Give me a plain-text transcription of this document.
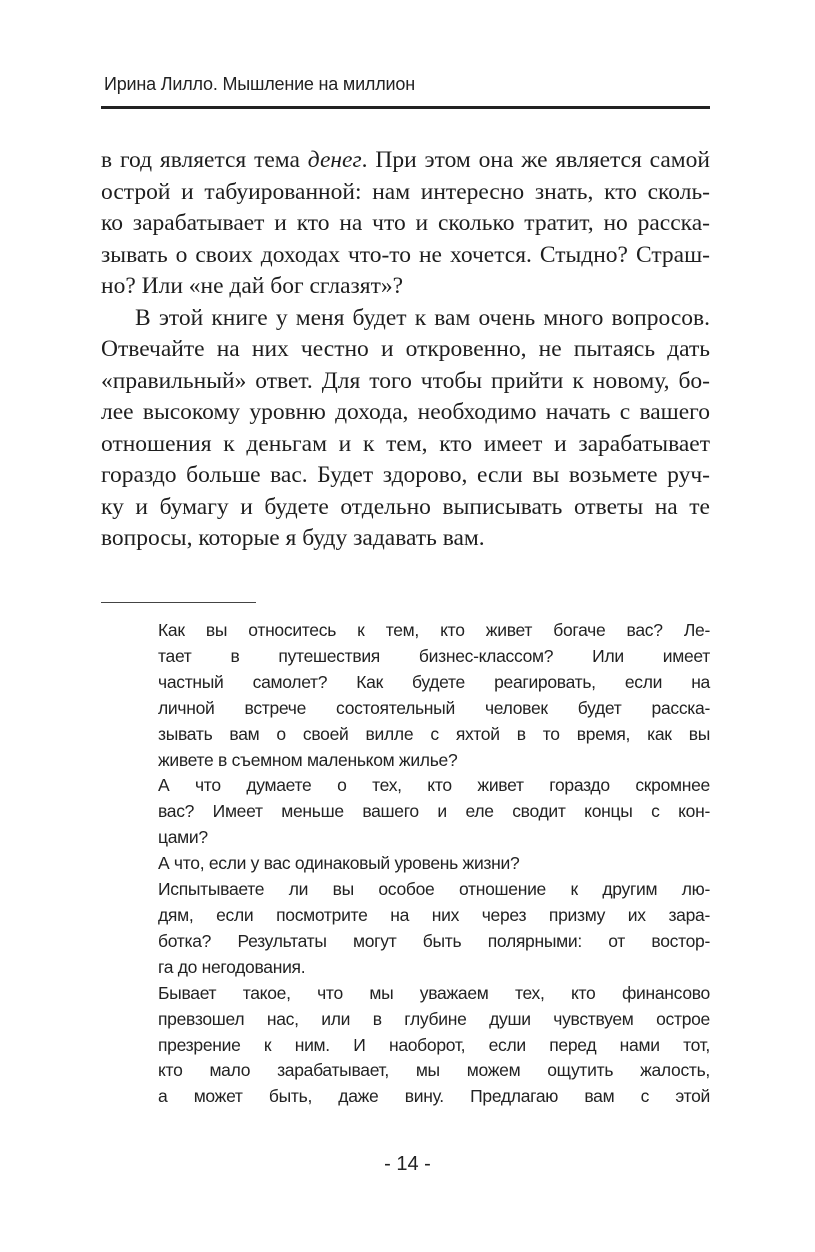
Ирина Лилло. Мышление на миллион
в год является тема денег. При этом она же является самой
острой и табуированной: нам интересно знать, кто сколь-
ко зарабатывает и кто на что и сколько тратит, но расска-
зывать о своих доходах что-то не хочется. Стыдно? Страш-
но? Или «не дай бог сглазят»?
В этой книге у меня будет к вам очень много вопросов.
Отвечайте на них честно и откровенно, не пытаясь дать
«правильный» ответ. Для того чтобы прийти к новому, бо-
лее высокому уровню дохода, необходимо начать с вашего
отношения к деньгам и к тем, кто имеет и зарабатывает
гораздо больше вас. Будет здорово, если вы возьмете руч-
ку и бумагу и будете отдельно выписывать ответы на те
вопросы, которые я буду задавать вам.
Как вы относитесь к тем, кто живет богаче вас? Ле-
тает в путешествия бизнес-классом? Или имеет
частный самолет? Как будете реагировать, если на
личной встрече состоятельный человек будет расска-
зывать вам о своей вилле с яхтой в то время, как вы
живете в съемном маленьком жилье?
А что думаете о тех, кто живет гораздо скромнее
вас? Имеет меньше вашего и еле сводит концы с кон-
цами?
А что, если у вас одинаковый уровень жизни?
Испытываете ли вы особое отношение к другим лю-
дям, если посмотрите на них через призму их зара-
ботка? Результаты могут быть полярными: от востор-
га до негодования.
Бывает такое, что мы уважаем тех, кто финансово
превзошел нас, или в глубине души чувствуем острое
презрение к ним. И наоборот, если перед нами тот,
кто мало зарабатывает, мы можем ощутить жалость,
а может быть, даже вину. Предлагаю вам с этой
- 14 -
